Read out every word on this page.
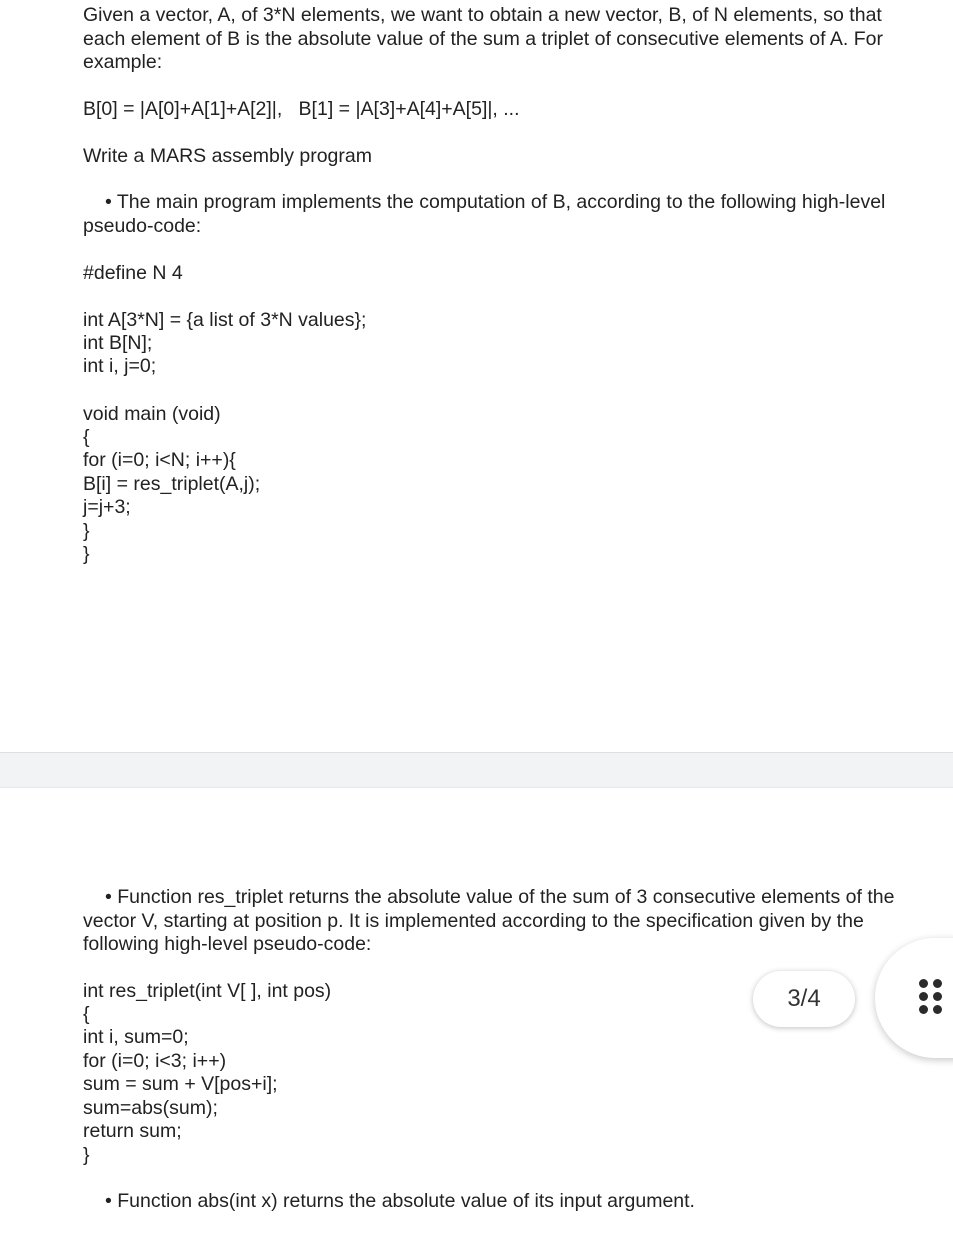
Given a vector, A, of 3*N elements, we want to obtain a new vector, B, of N elements, so that each element of B is the absolute value of the sum a triplet of consecutive elements of A. For example:

B[0] = |A[0]+A[1]+A[2]|,   B[1] = |A[3]+A[4]+A[5]|, ...
Write a MARS assembly program

• The main program implements the computation of B, according to the following high-level pseudo-code:

#define N 4
int A[3*N] = {a list of 3*N values};
int B[N];
int i, j=0;
void main (void)
{
for (i=0; i<N; i++){
B[i] = res_triplet(A,j);
j=j+3;
}
}

• Function res_triplet returns the absolute value of the sum of 3 consecutive elements of the vector V, starting at position p. It is implemented according to the specification given by the following high-level pseudo-code:

int res_triplet(int V[ ], int pos)
{
int i, sum=0;
for (i=0; i<3; i++)
sum = sum + V[pos+i];
sum=abs(sum);
return sum;
}
• Function abs(int x) returns the absolute value of its input argument.
3/4
